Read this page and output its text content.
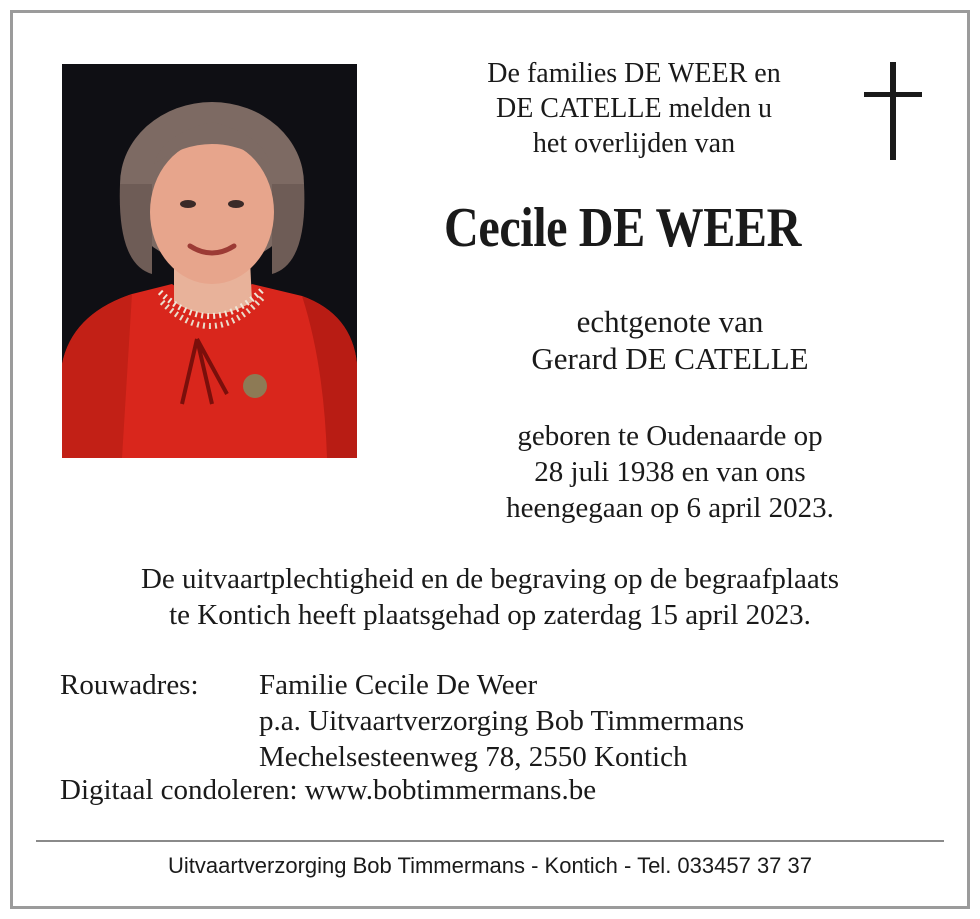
De families DE WEER en
DE CATELLE melden u
het overlijden van
Cecile DE WEER
echtgenote van
Gerard DE CATELLE
geboren te Oudenaarde op
28 juli 1938 en van ons
heengegaan op 6 april 2023.
De uitvaartplechtigheid en de begraving op de begraafplaats
te Kontich heeft plaatsgehad op zaterdag 15 april 2023.
Rouwadres: Familie Cecile De Weer
p.a. Uitvaartverzorging Bob Timmermans
Mechelsesteenweg 78, 2550 Kontich
Digitaal condoleren: www.bobtimmermans.be
Uitvaartverzorging Bob Timmermans - Kontich - Tel. 033457 37 37
